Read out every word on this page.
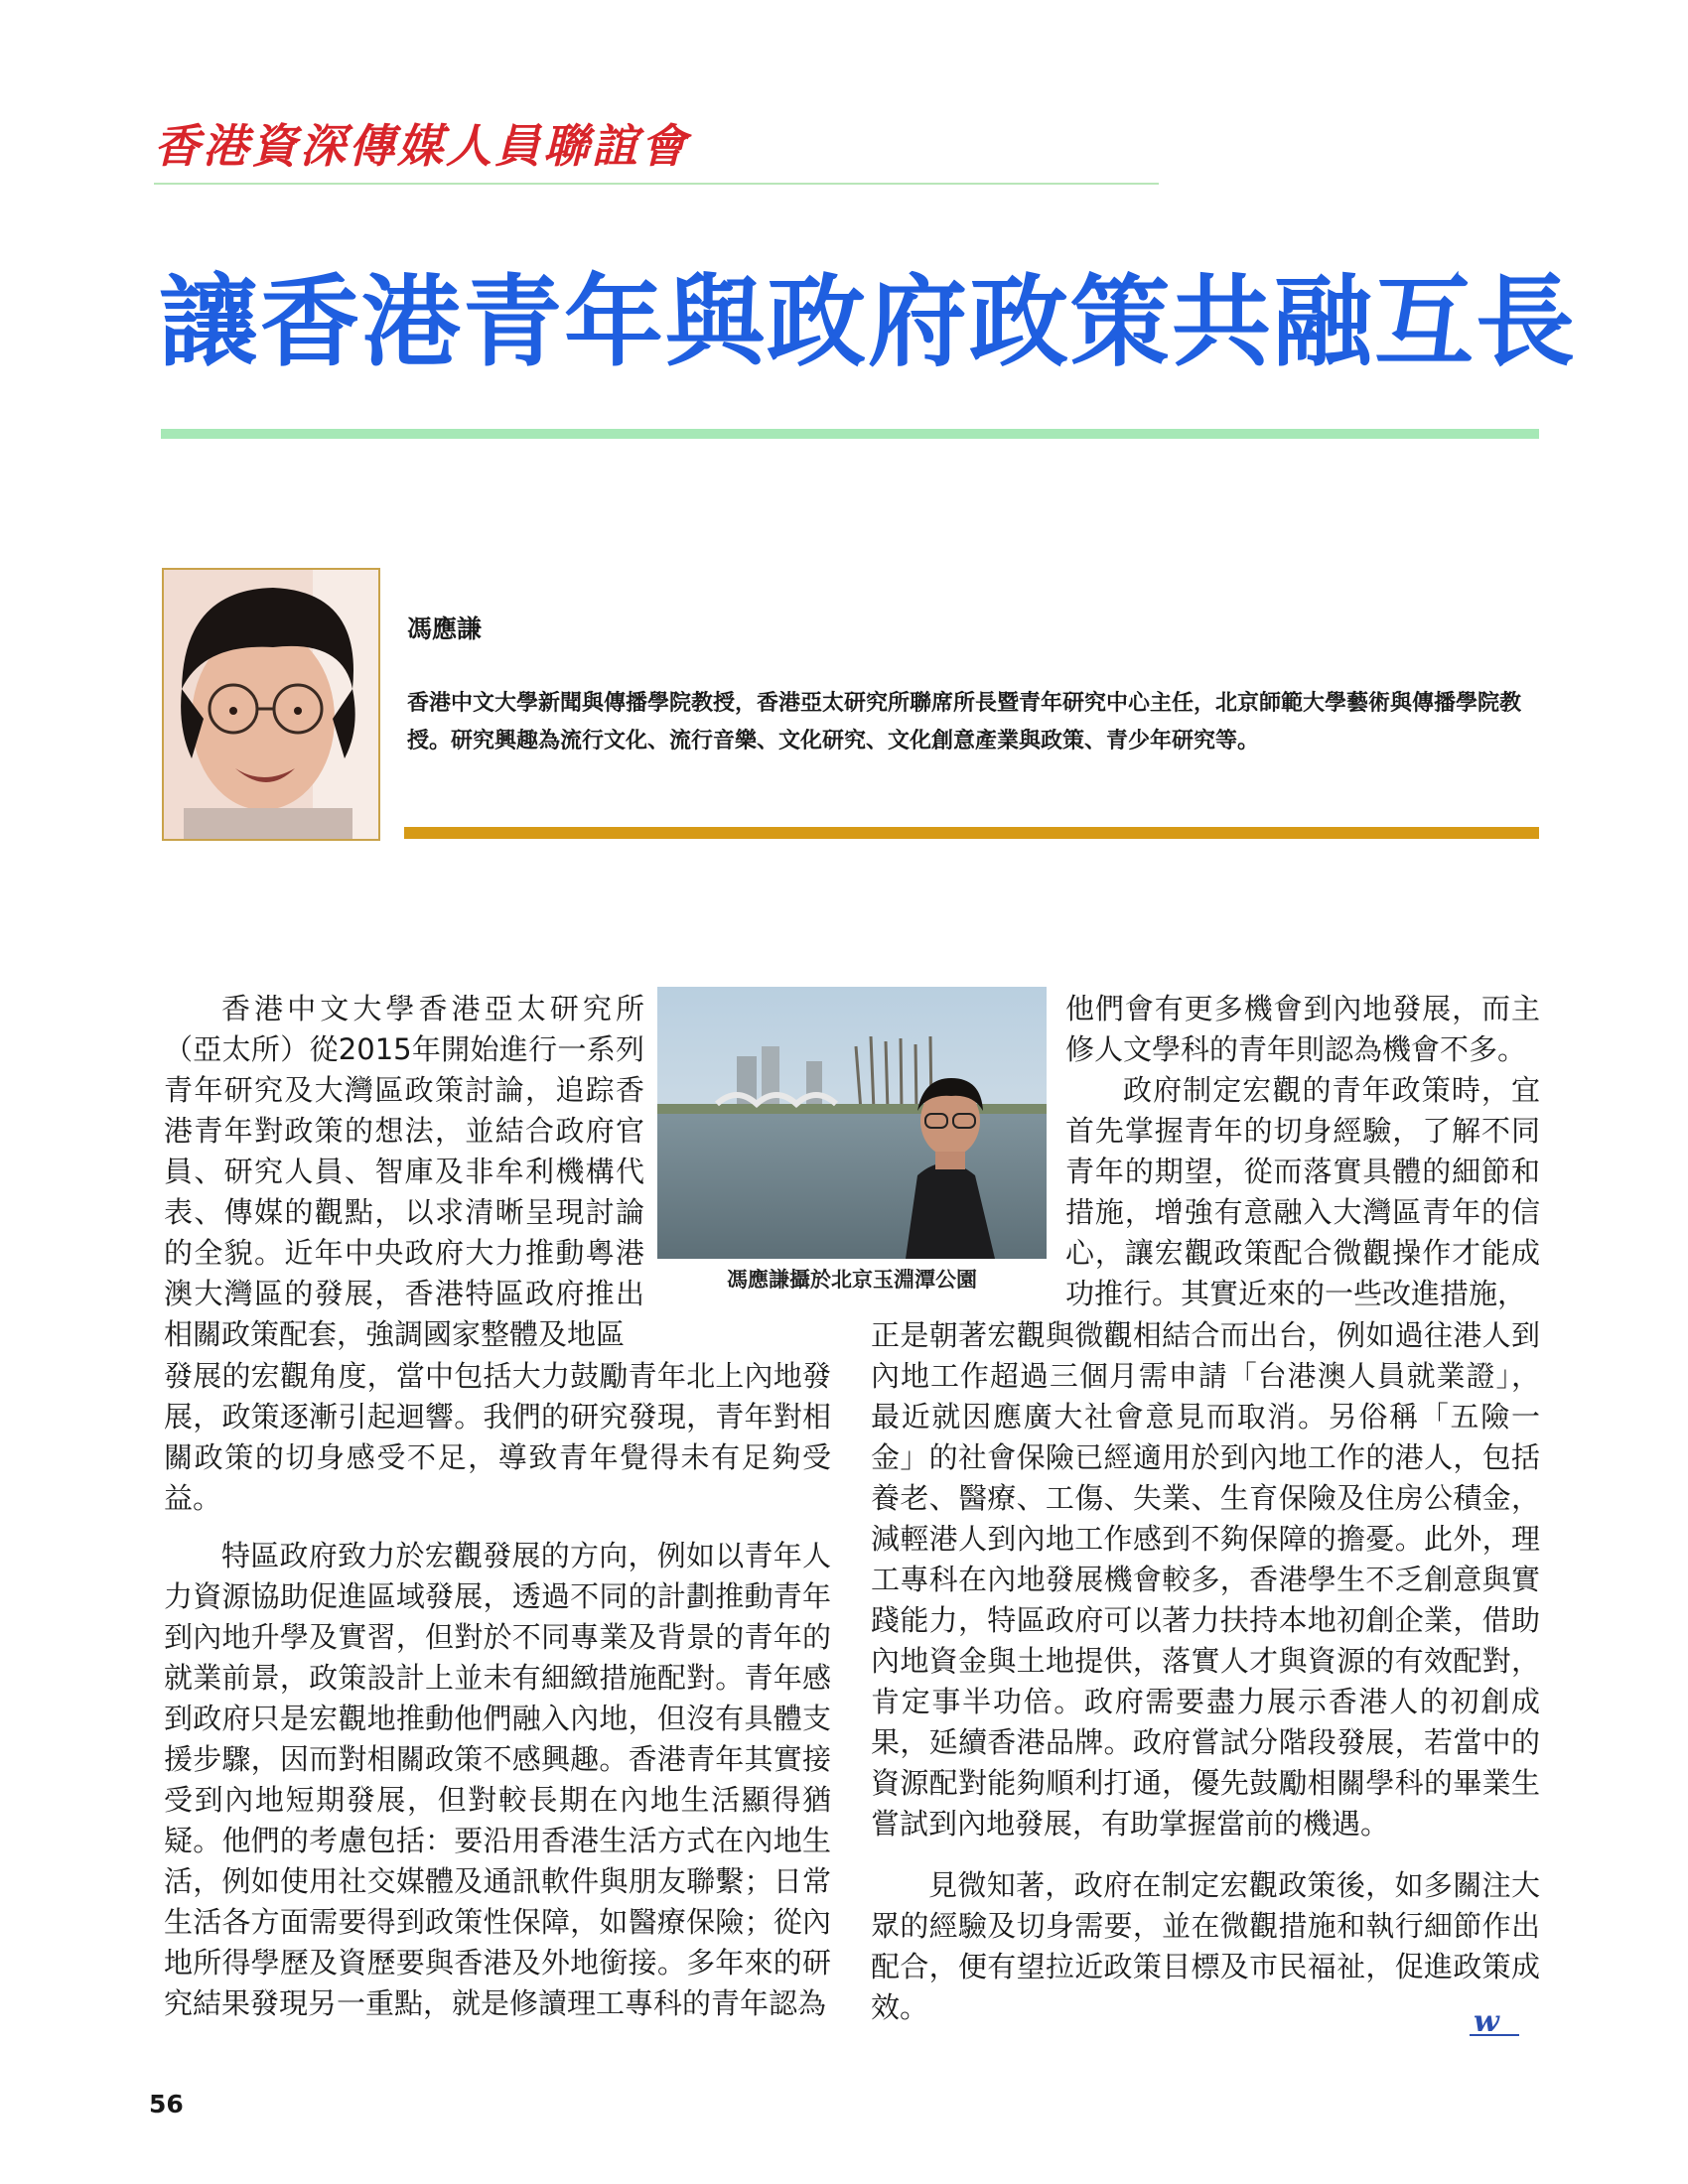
香港資深傳媒人員聯誼會
讓香港青年與政府政策共融互長
馮應謙
香港中文大學新聞與傳播學院教授，香港亞太研究所聯席所長暨青年研究中心主任，北京師範大學藝術與傳播學院教授。研究興趣為流行文化、流行音樂、文化研究、文化創意產業與政策、青少年研究等。
香港中文大學香港亞太研究所（亞太所）從2015年開始進行一系列青年研究及大灣區政策討論，追踪香港青年對政策的想法，並結合政府官員、研究人員、智庫及非牟利機構代表、傳媒的觀點，以求清晰呈現討論的全貌。近年中央政府大力推動粵港澳大灣區的發展，香港特區政府推出相關政策配套，強調國家整體及地區
發展的宏觀角度，當中包括大力鼓勵青年北上內地發展，政策逐漸引起迴響。我們的研究發現，青年對相關政策的切身感受不足，導致青年覺得未有足夠受益。
特區政府致力於宏觀發展的方向，例如以青年人力資源協助促進區域發展，透過不同的計劃推動青年到內地升學及實習，但對於不同專業及背景的青年的就業前景，政策設計上並未有細緻措施配對。青年感到政府只是宏觀地推動他們融入內地，但沒有具體支援步驟，因而對相關政策不感興趣。香港青年其實接受到內地短期發展，但對較長期在內地生活顯得猶疑。他們的考慮包括：要沿用香港生活方式在內地生活，例如使用社交媒體及通訊軟件與朋友聯繫；日常生活各方面需要得到政策性保障，如醫療保險；從內地所得學歷及資歷要與香港及外地銜接。多年來的研究結果發現另一重點，就是修讀理工專科的青年認為
馮應謙攝於北京玉淵潭公園
他們會有更多機會到內地發展，而主修人文學科的青年則認為機會不多。
政府制定宏觀的青年政策時，宜首先掌握青年的切身經驗，了解不同青年的期望，從而落實具體的細節和措施，增強有意融入大灣區青年的信心，讓宏觀政策配合微觀操作才能成功推行。其實近來的一些改進措施，
正是朝著宏觀與微觀相結合而出台，例如過往港人到內地工作超過三個月需申請「台港澳人員就業證」，最近就因應廣大社會意見而取消。另俗稱「五險一金」的社會保險已經適用於到內地工作的港人，包括養老、醫療、工傷、失業、生育保險及住房公積金，減輕港人到內地工作感到不夠保障的擔憂。此外，理工專科在內地發展機會較多，香港學生不乏創意與實踐能力，特區政府可以著力扶持本地初創企業，借助內地資金與土地提供，落實人才與資源的有效配對，肯定事半功倍。政府需要盡力展示香港人的初創成果，延續香港品牌。政府嘗試分階段發展，若當中的資源配對能夠順利打通，優先鼓勵相關學科的畢業生嘗試到內地發展，有助掌握當前的機遇。
見微知著，政府在制定宏觀政策後，如多關注大眾的經驗及切身需要，並在微觀措施和執行細節作出配合，便有望拉近政策目標及市民福祉，促進政策成效。	w
56
